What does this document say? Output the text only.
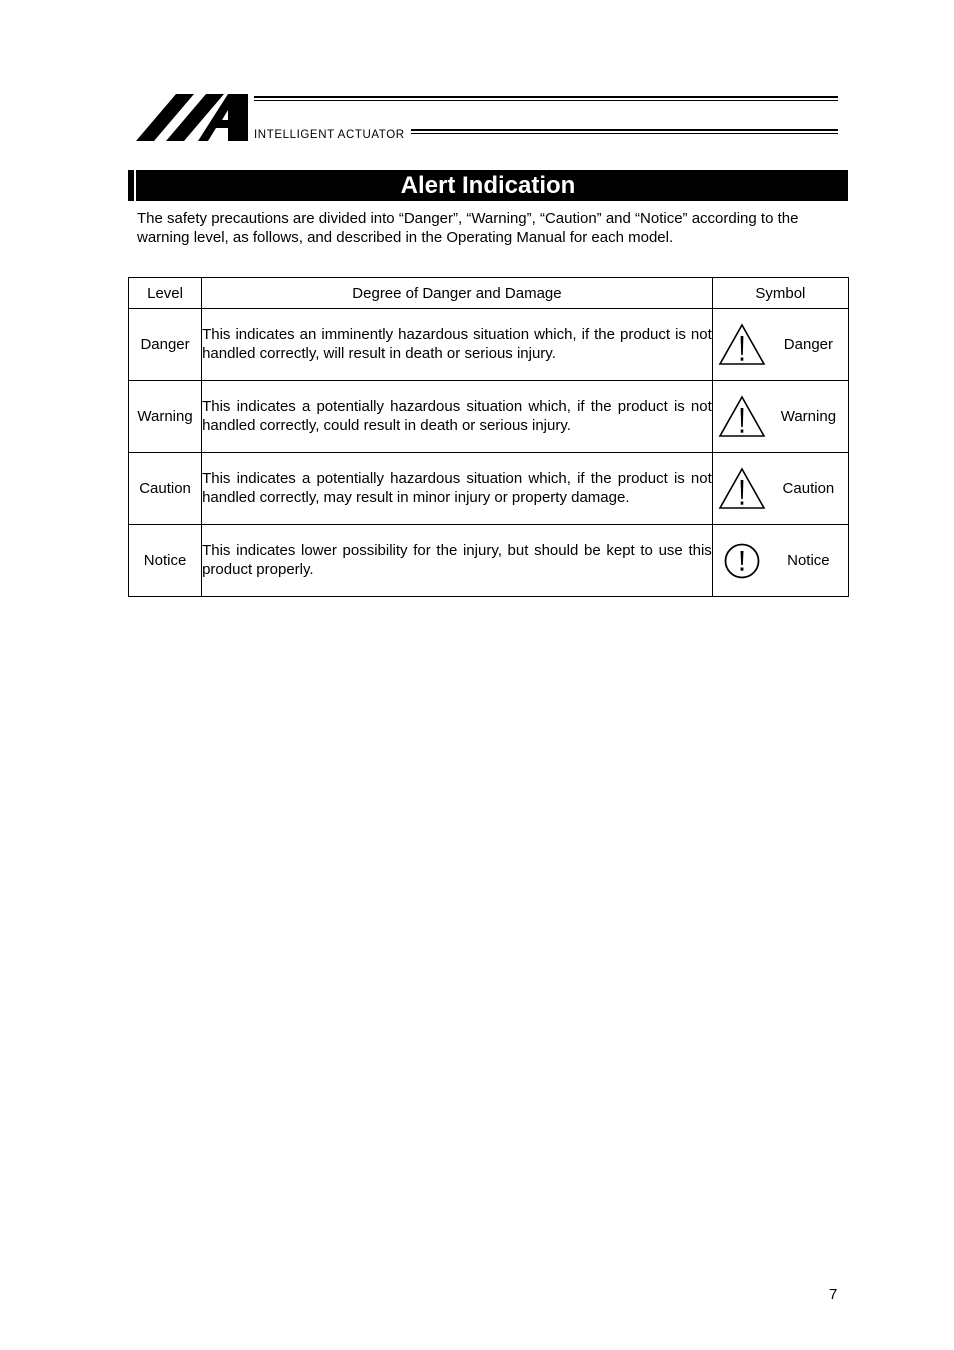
INTELLIGENT ACTUATOR
Alert Indication
The safety precautions are divided into “Danger”, “Warning”, “Caution” and “Notice” according to the warning level, as follows, and described in the Operating Manual for each model.
Level	Degree of Danger and Damage	Symbol
Danger	This indicates an imminently hazardous situation which, if the product is not handled correctly, will result in death or serious injury.	Danger

Warning	This indicates a potentially hazardous situation which, if the product is not handled correctly, could result in death or serious injury.	Warning

Caution	This indicates a potentially hazardous situation which, if the product is not handled correctly, may result in minor injury or property damage.	Caution

Notice	This indicates lower possibility for the injury, but should be kept to use this product properly.	Notice
7
